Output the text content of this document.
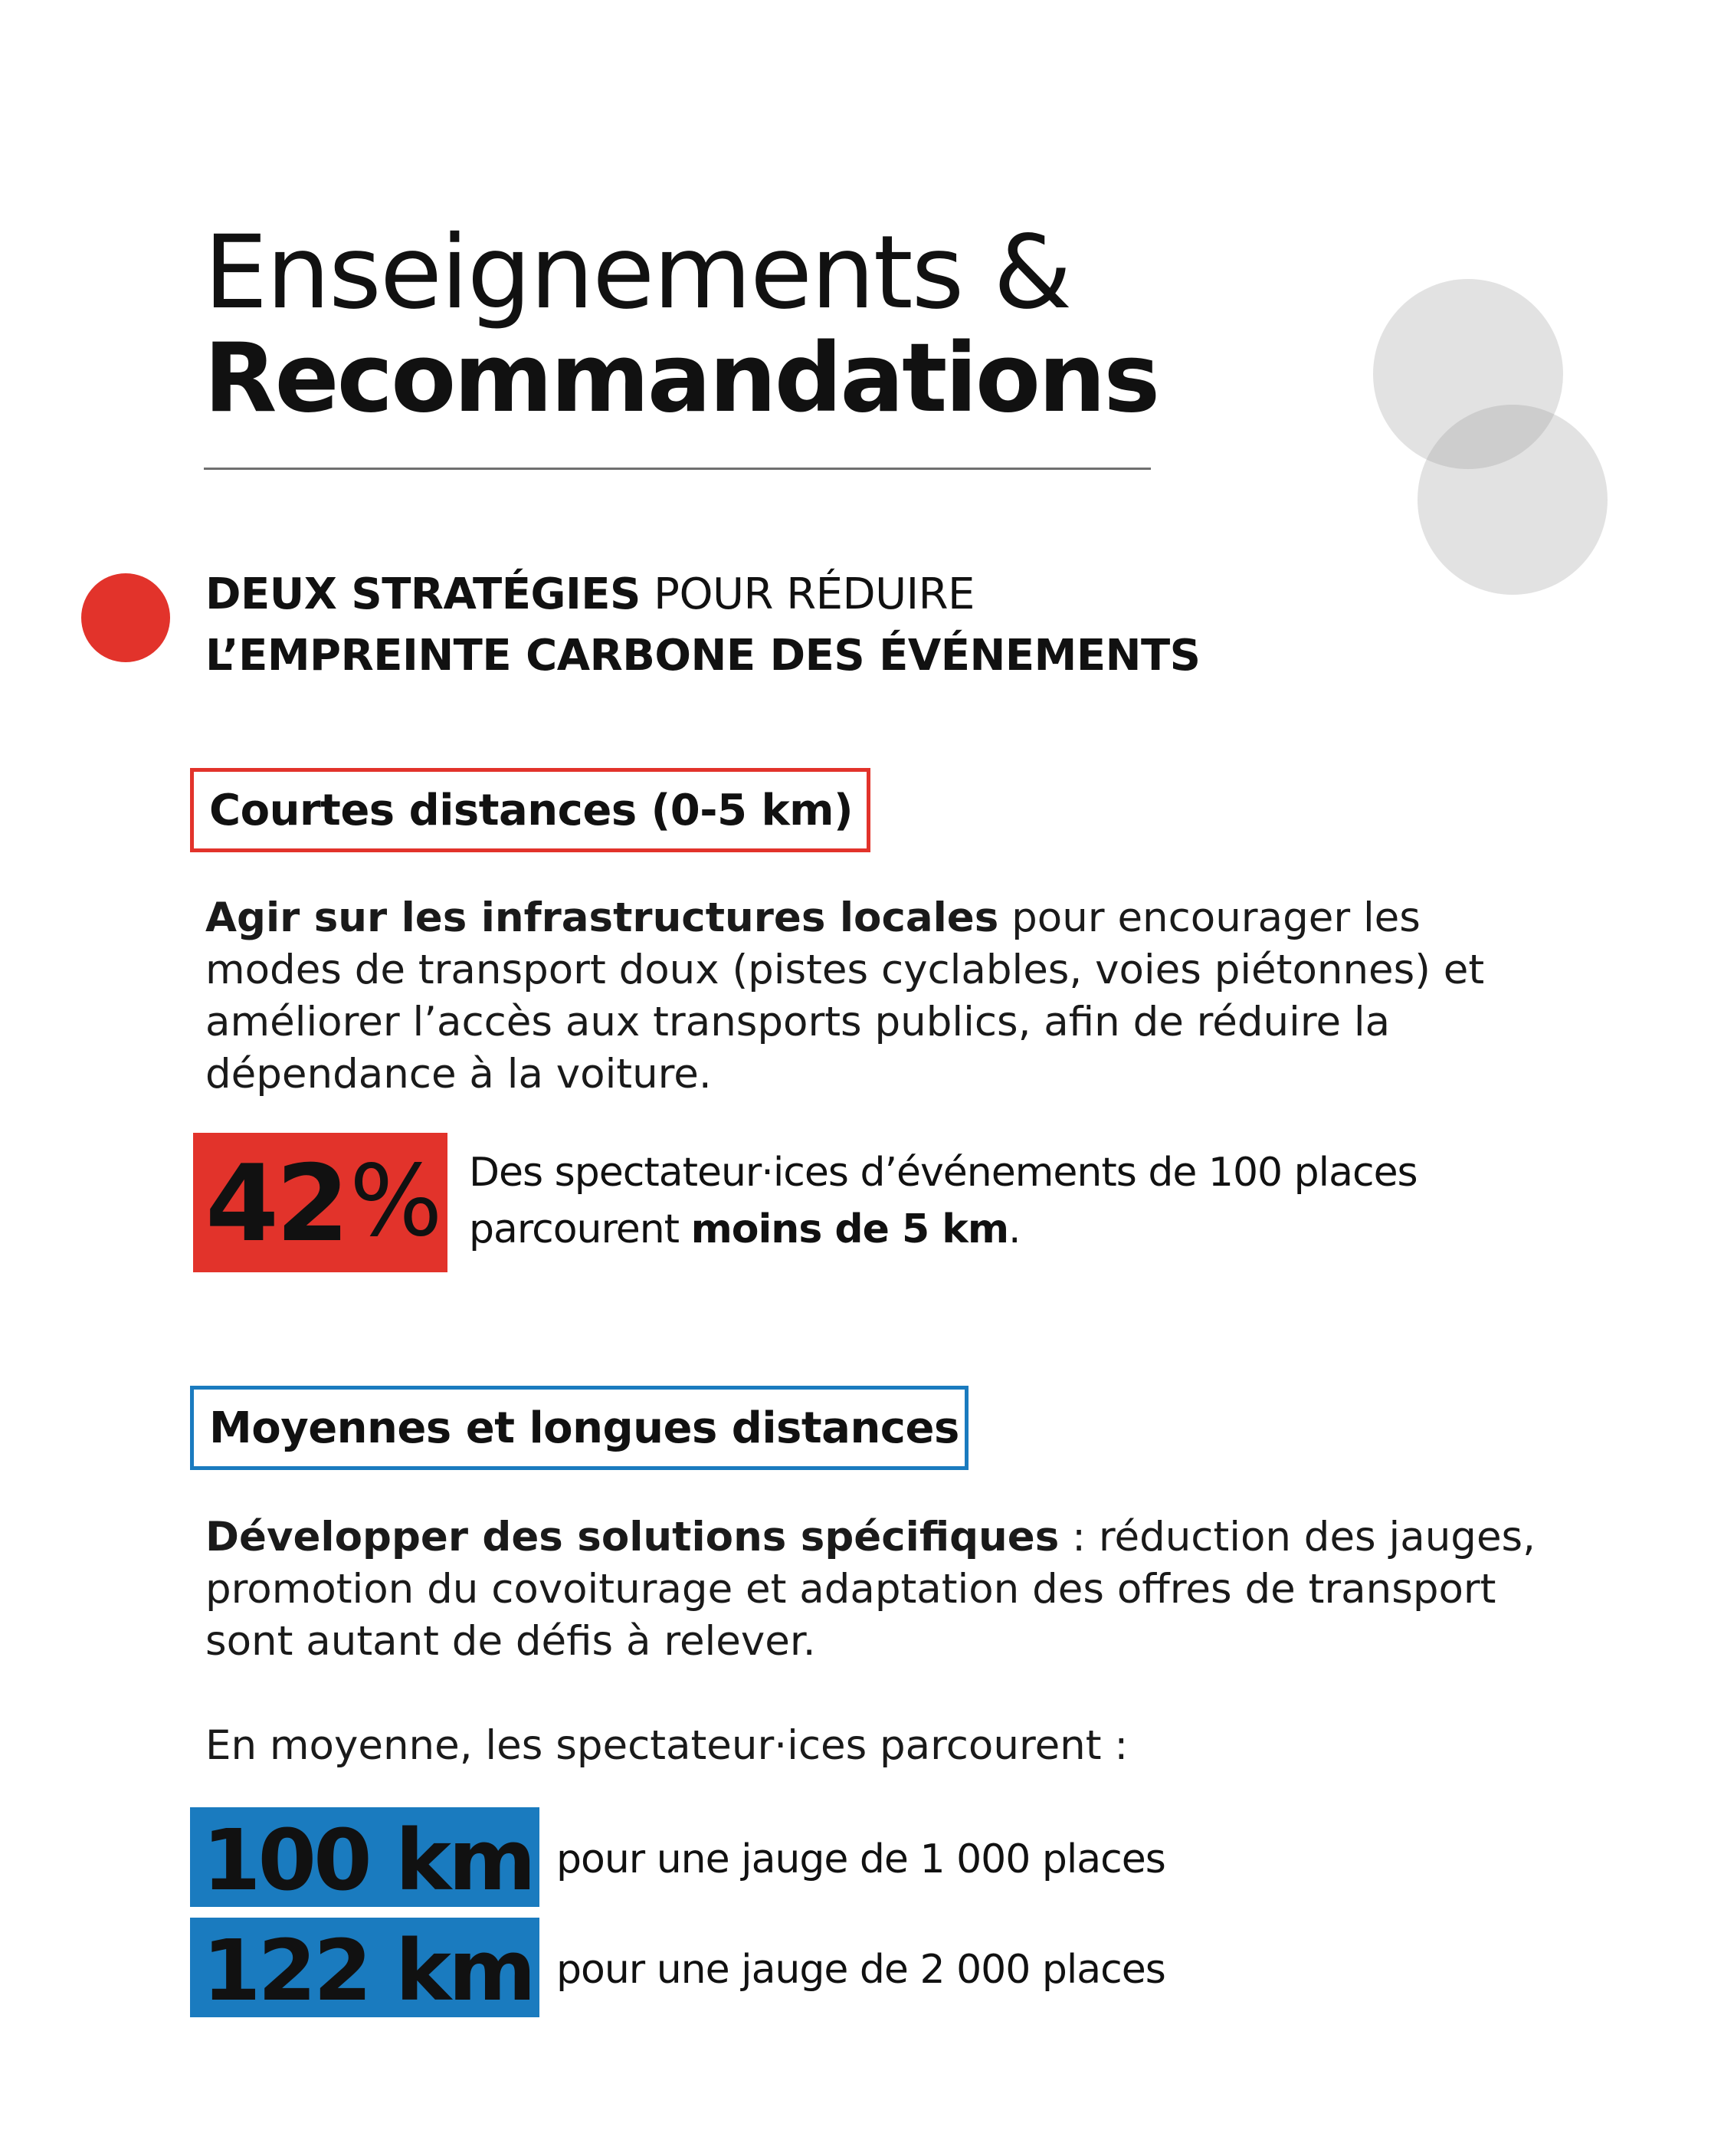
Enseignements &
Recommandations
DEUX STRATÉGIES POUR RÉDUIRE
L’EMPREINTE CARBONE DES ÉVÉNEMENTS
Courtes distances (0-5 km)
Agir sur les infrastructures locales pour encourager les modes de transport doux (pistes cyclables, voies piétonnes) et améliorer l’accès aux transports publics, afin de réduire la dépendance à la voiture.
42 % Des spectateur·ices d’événements de 100 places
parcourent moins de 5 km.
Moyennes et longues distances
Développer des solutions spécifiques : réduction des jauges, promotion du covoiturage et adaptation des offres de transport sont autant de défis à relever.
En moyenne, les spectateur·ices parcourent :
100 km pour une jauge de 1 000 places
122 km pour une jauge de 2 000 places
